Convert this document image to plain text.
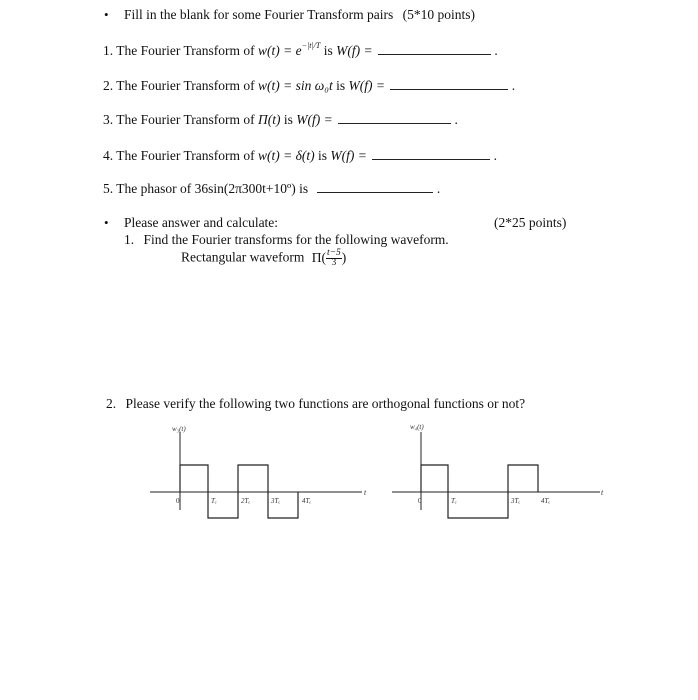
• Fill in the blank for some Fourier Transform pairs (5*10 points)
1. The Fourier Transform of $w(t) = e^{-|t|/T}$ is W(f) =	.
2. The Fourier Transform of w(t) = sin ω₀t is W(f) =	.
3. The Fourier Transform of Π(t) is W(f) =	.
4. The Fourier Transform of w(t) = δ(t) is W(f) =	.
5. The phasor of 36sin(2π300t+10º) is	.
• Please answer and calculate:	(2*25 points)
1. Find the Fourier transforms for the following waveform.
Rectangular waveform $\Pi( \frac{t-5}{3}$ )
2. Please verify the following two functions are orthogonal functions or not?
w₃(t)
t
0	Tₑ	2Tₑ	3Tₑ	4Tₑ
w₄(t)
t
0	Tₑ	3Tₑ	4Tₑ
